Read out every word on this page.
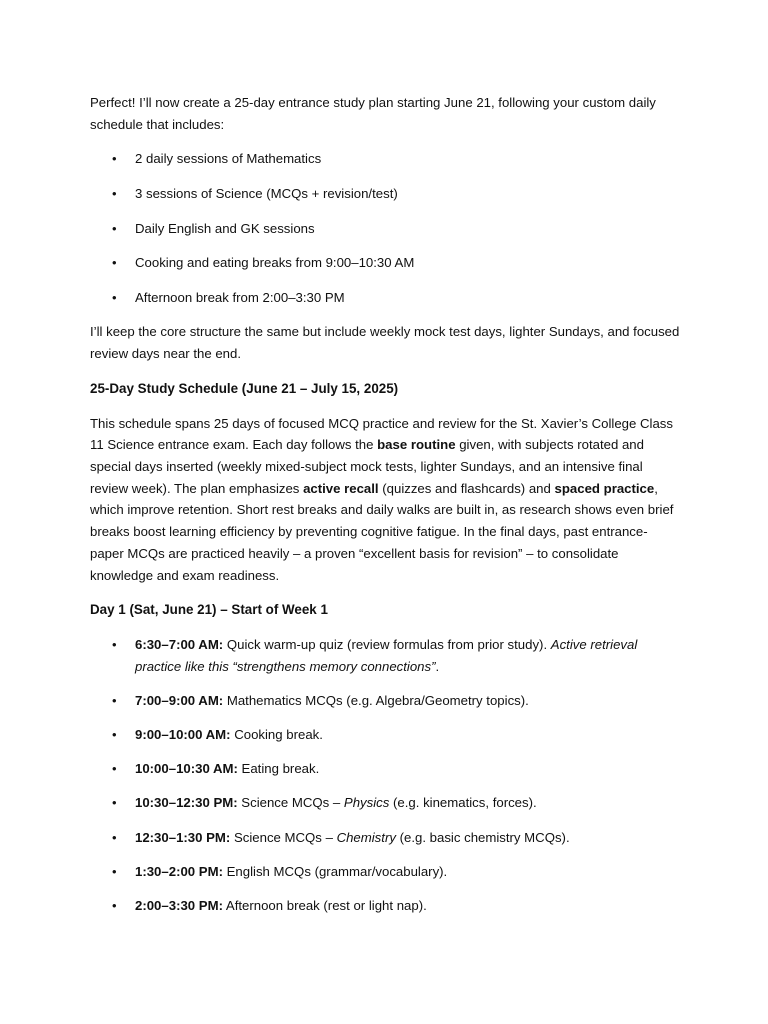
Perfect! I’ll now create a 25-day entrance study plan starting June 21, following your custom daily schedule that includes:

• 2 daily sessions of Mathematics
• 3 sessions of Science (MCQs + revision/test)
• Daily English and GK sessions
• Cooking and eating breaks from 9:00–10:30 AM
• Afternoon break from 2:00–3:30 PM

I’ll keep the core structure the same but include weekly mock test days, lighter Sundays, and focused review days near the end.

25-Day Study Schedule (June 21 – July 15, 2025)

This schedule spans 25 days of focused MCQ practice and review for the St. Xavier’s College Class 11 Science entrance exam. Each day follows the base routine given, with subjects rotated and special days inserted (weekly mixed-subject mock tests, lighter Sundays, and an intensive final review week). The plan emphasizes active recall (quizzes and flashcards) and spaced practice, which improve retention. Short rest breaks and daily walks are built in, as research shows even brief breaks boost learning efficiency by preventing cognitive fatigue. In the final days, past entrance-paper MCQs are practiced heavily – a proven “excellent basis for revision” – to consolidate knowledge and exam readiness.

Day 1 (Sat, June 21) – Start of Week 1
• 6:30–7:00 AM: Quick warm-up quiz (review formulas from prior study). Active retrieval practice like this “strengthens memory connections”.
• 7:00–9:00 AM: Mathematics MCQs (e.g. Algebra/Geometry topics).
• 9:00–10:00 AM: Cooking break.
• 10:00–10:30 AM: Eating break.
• 10:30–12:30 PM: Science MCQs – Physics (e.g. kinematics, forces).
• 12:30–1:30 PM: Science MCQs – Chemistry (e.g. basic chemistry MCQs).
• 1:30–2:00 PM: English MCQs (grammar/vocabulary).
• 2:00–3:30 PM: Afternoon break (rest or light nap).
